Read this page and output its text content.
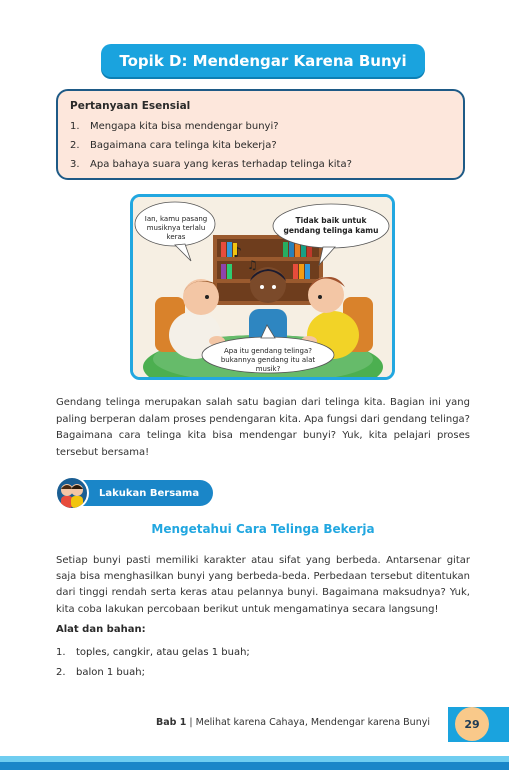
Topik D: Mendengar Karena Bunyi
Pertanyaan Esensial
1.	Mengapa kita bisa mendengar bunyi?
2.	Bagaimana cara telinga kita bekerja?
3.	Apa bahaya suara yang keras terhadap telinga kita?
♪
♫
Ian, kamu pasang musiknya terlalu keras
Tidak baik untuk gendang telinga kamu
Apa itu gendang telinga? bukannya gendang itu alat musik?
Gendang telinga merupakan salah satu bagian dari telinga kita. Bagian ini yang paling berperan dalam proses pendengaran kita. Apa fungsi dari gendang telinga? Bagaimana cara telinga kita bisa mendengar bunyi? Yuk, kita pelajari proses tersebut bersama!
Lakukan Bersama
Mengetahui Cara Telinga Bekerja
Setiap bunyi pasti memiliki karakter atau sifat yang berbeda. Antarsenar gitar saja bisa menghasilkan bunyi yang berbeda-beda. Perbedaan tersebut ditentukan dari tinggi rendah serta keras atau pelannya bunyi. Bagaimana maksudnya? Yuk, kita coba lakukan percobaan berikut untuk mengamatinya secara langsung!
Alat dan bahan:
1.	toples, cangkir, atau gelas 1 buah;
2.	balon 1 buah;
Bab 1 | Melihat karena Cahaya, Mendengar karena Bunyi	29
